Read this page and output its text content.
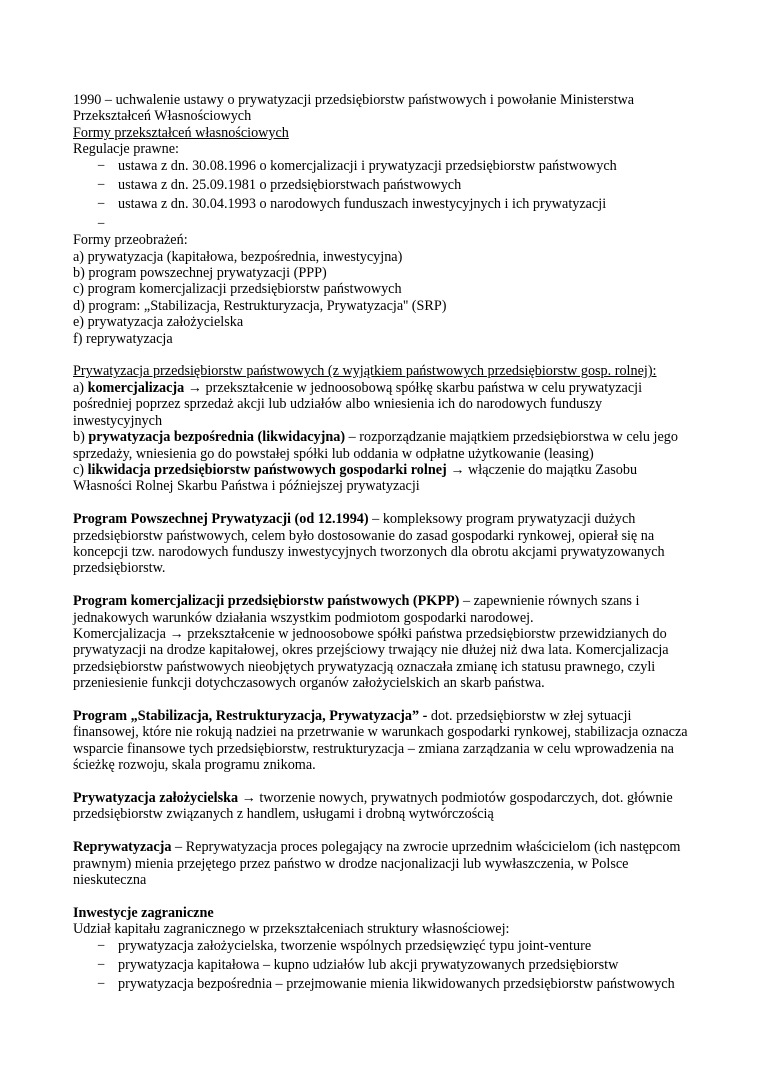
1990 – uchwalenie ustawy o prywatyzacji przedsiębiorstw państwowych i powołanie Ministerstwa
Przekształceń Własnościowych
Formy przekształceń własnościowych
Regulacje prawne:
− ustawa z dn. 30.08.1996 o komercjalizacji i prywatyzacji przedsiębiorstw państwowych
− ustawa z dn. 25.09.1981 o przedsiębiorstwach państwowych
− ustawa z dn. 30.04.1993 o narodowych funduszach inwestycyjnych i ich prywatyzacji
−

Formy przeobrażeń:
a) prywatyzacja (kapitałowa, bezpośrednia, inwestycyjna)
b) program powszechnej prywatyzacji (PPP)
c) program komercjalizacji przedsiębiorstw państwowych
d) program: „Stabilizacja, Restrukturyzacja, Prywatyzacja'' (SRP)
e) prywatyzacja założycielska
f) reprywatyzacja
Prywatyzacja przedsiębiorstw państwowych (z wyjątkiem państwowych przedsiębiorstw gosp. rolnej):
a) komercjalizacja → przekształcenie w jednoosobową spółkę skarbu państwa w celu prywatyzacji
pośredniej poprzez sprzedaż akcji lub udziałów albo wniesienia ich do narodowych funduszy
inwestycyjnych
b) prywatyzacja bezpośrednia (likwidacyjna) – rozporządzanie majątkiem przedsiębiorstwa w celu jego
sprzedaży, wniesienia go do powstałej spółki lub oddania w odpłatne użytkowanie (leasing)
c) likwidacja przedsiębiorstw państwowych gospodarki rolnej → włączenie do majątku Zasobu
Własności Rolnej Skarbu Państwa i późniejszej prywatyzacji
Program Powszechnej Prywatyzacji (od 12.1994) – kompleksowy program prywatyzacji dużych
przedsiębiorstw państwowych, celem było dostosowanie do zasad gospodarki rynkowej, opierał się na
koncepcji tzw. narodowych funduszy inwestycyjnych tworzonych dla obrotu akcjami prywatyzowanych
przedsiębiorstw.
Program komercjalizacji przedsiębiorstw państwowych (PKPP) – zapewnienie równych szans i
jednakowych warunków działania wszystkim podmiotom gospodarki narodowej.
Komercjalizacja → przekształcenie w jednoosobowe spółki państwa przedsiębiorstw przewidzianych do
prywatyzacji na drodze kapitałowej, okres przejściowy trwający nie dłużej niż dwa lata. Komercjalizacja
przedsiębiorstw państwowych nieobjętych prywatyzacją oznaczała zmianę ich statusu prawnego, czyli
przeniesienie funkcji dotychczasowych organów założycielskich an skarb państwa.
Program „Stabilizacja, Restrukturyzacja, Prywatyzacja” - dot. przedsiębiorstw w złej sytuacji
finansowej, które nie rokują nadziei na przetrwanie w warunkach gospodarki rynkowej, stabilizacja oznacza
wsparcie finansowe tych przedsiębiorstw, restrukturyzacja – zmiana zarządzania w celu wprowadzenia na
ścieżkę rozwoju, skala programu znikoma.
Prywatyzacja założycielska → tworzenie nowych, prywatnych podmiotów gospodarczych, dot. głównie
przedsiębiorstw związanych z handlem, usługami i drobną wytwórczością
Reprywatyzacja – Reprywatyzacja proces polegający na zwrocie uprzednim właścicielom (ich następcom
prawnym) mienia przejętego przez państwo w drodze nacjonalizacji lub wywłaszczenia, w Polsce
nieskuteczna
Inwestycje zagraniczne
Udział kapitału zagranicznego w przekształceniach struktury własnościowej:
− prywatyzacja założycielska, tworzenie wspólnych przedsięwzięć typu joint-venture
− prywatyzacja kapitałowa – kupno udziałów lub akcji prywatyzowanych przedsiębiorstw
− prywatyzacja bezpośrednia – przejmowanie mienia likwidowanych przedsiębiorstw państwowych
